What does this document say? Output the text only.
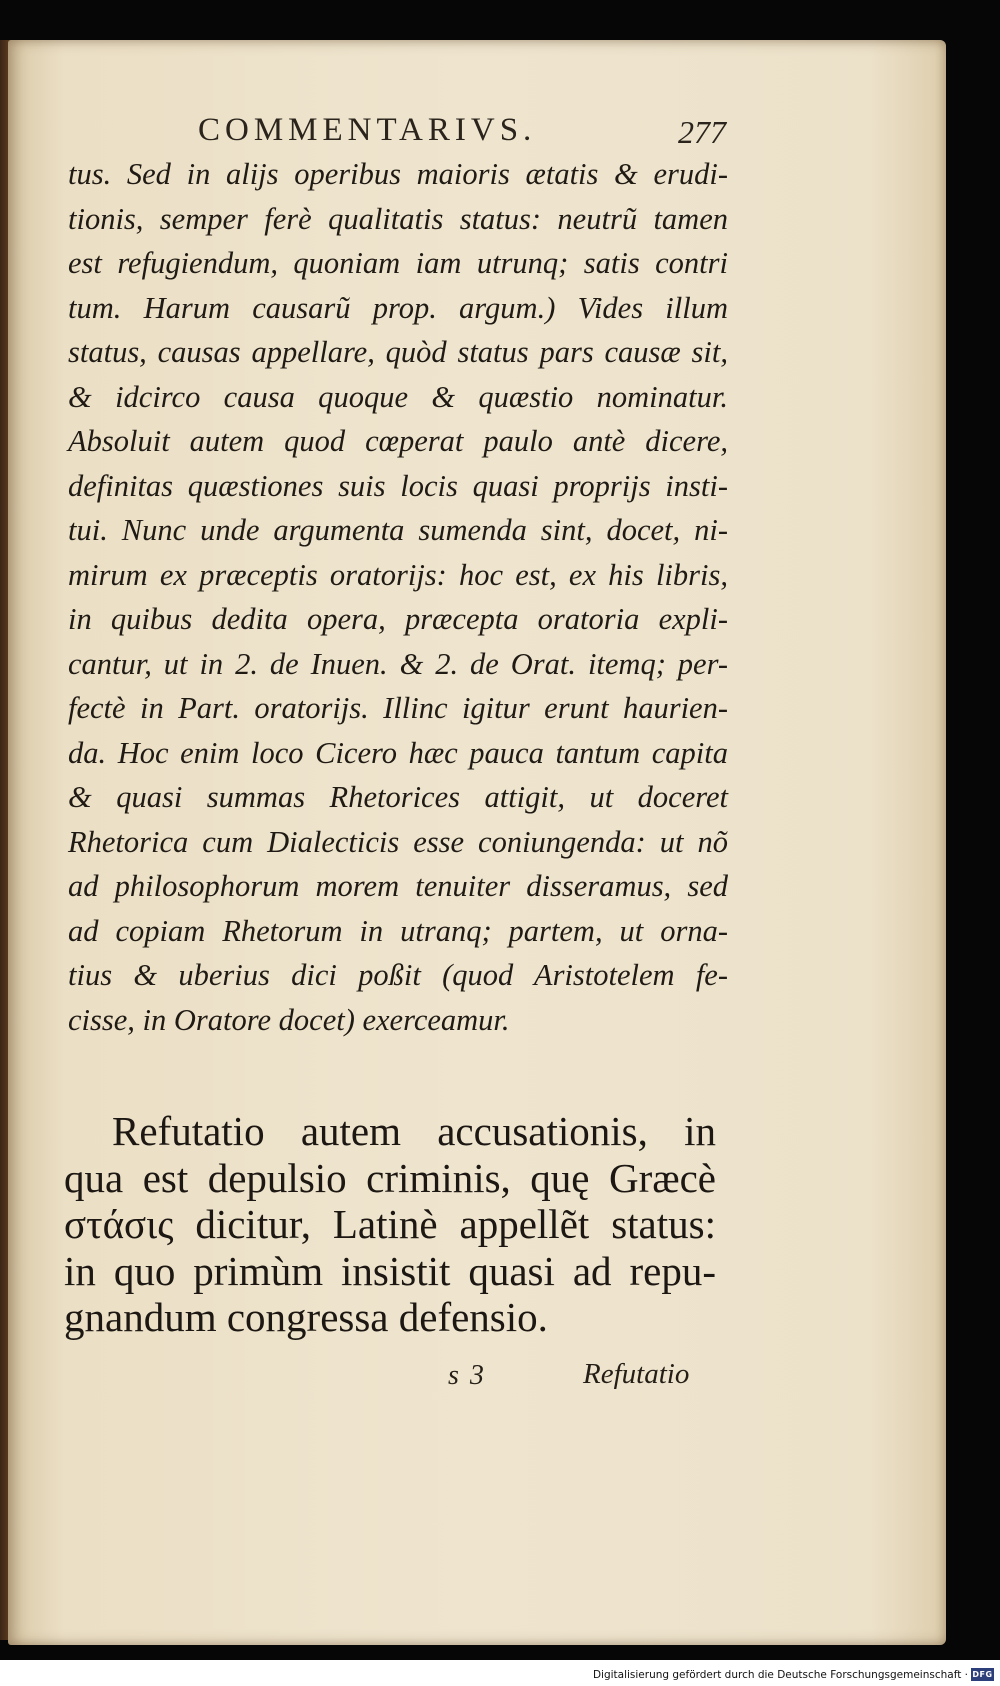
COMMENTARIVS.	277
tus. Sed in alijs operibus maioris ætatis & erudi-
tionis, semper ferè qualitatis status: neutrũ tamen
est refugiendum, quoniam iam utrunq; satis contri
tum. Harum causarũ prop. argum.) Vides illum
status, causas appellare, quòd status pars causæ sit,
& idcirco causa quoque & quæstio nominatur.
Absoluit autem quod cœperat paulo antè dicere,
definitas quæstiones suis locis quasi proprijs insti-
tui. Nunc unde argumenta sumenda sint, docet, ni-
mirum ex præceptis oratorijs: hoc est, ex his libris,
in quibus dedita opera, præcepta oratoria expli-
cantur, ut in 2. de Inuen. & 2. de Orat. itemq; per-
fectè in Part. oratorijs. Illinc igitur erunt haurien-
da. Hoc enim loco Cicero hæc pauca tantum capita
& quasi summas Rhetorices attigit, ut doceret
Rhetorica cum Dialecticis esse coniungenda: ut nõ
ad philosophorum morem tenuiter disseramus, sed
ad copiam Rhetorum in utranq; partem, ut orna-
tius & uberius dici poßit (quod Aristotelem fe-
cisse, in Oratore docet) exerceamur.
Refutatio autem accusationis, in
qua est depulsio criminis, quę Græcè
στάσις dicitur, Latinè appellẽt status:
in quo primùm insistit quasi ad repu-
gnandum congressa defensio.
s 3	Refutatio
Digitalisierung gefördert durch die Deutsche Forschungsgemeinschaft · DFG
